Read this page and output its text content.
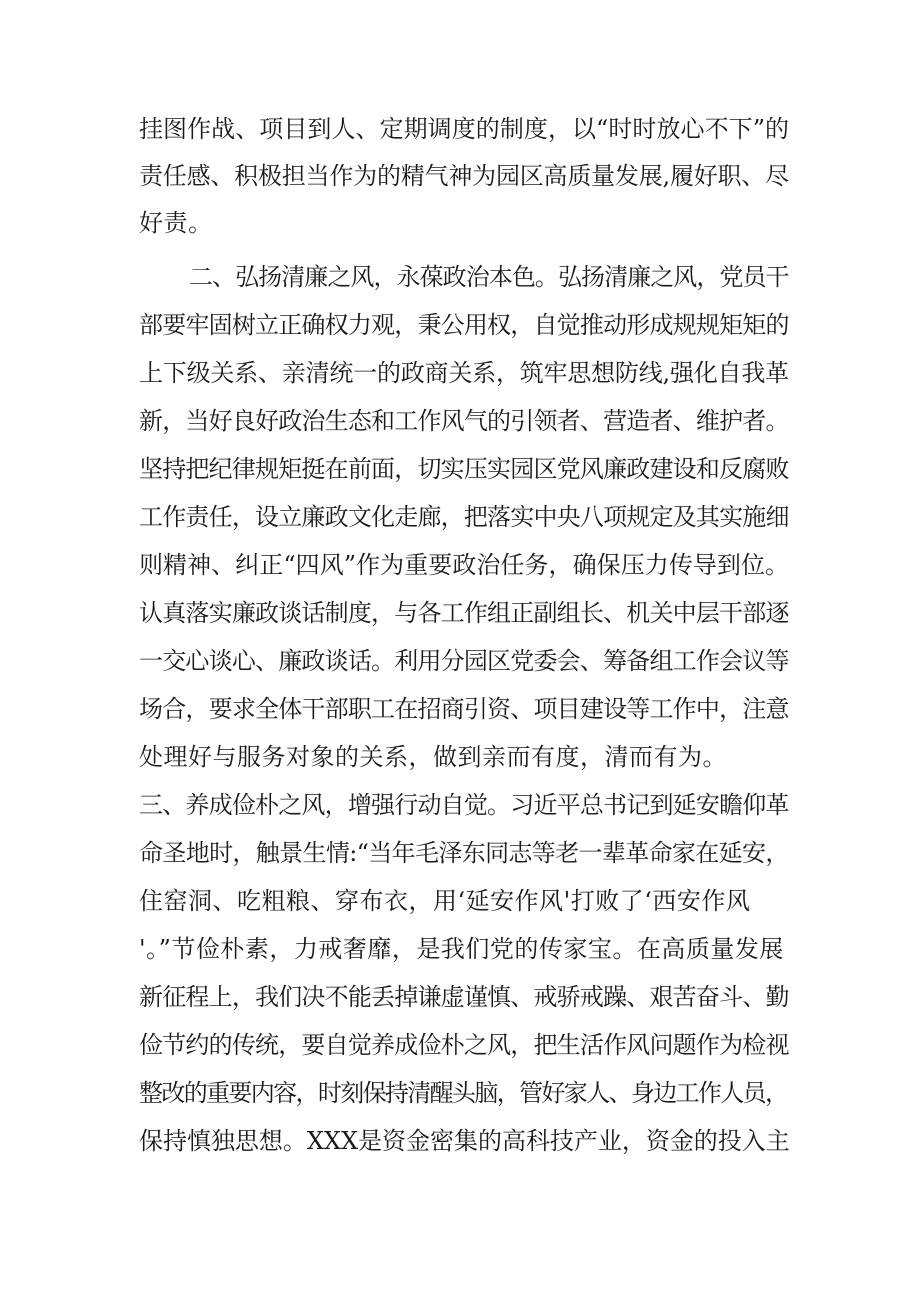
挂图作战、项目到人、定期调度的制度，以“时时放心不下”的
责任感、积极担当作为的精气神为园区高质量发展,履好职、尽
好责。
二、弘扬清廉之风，永葆政治本色。弘扬清廉之风，党员干
部要牢固树立正确权力观，秉公用权，自觉推动形成规规矩矩的
上下级关系、亲清统一的政商关系，筑牢思想防线,强化自我革
新，当好良好政治生态和工作风气的引领者、营造者、维护者。
坚持把纪律规矩挺在前面，切实压实园区党风廉政建设和反腐败
工作责任，设立廉政文化走廊，把落实中央八项规定及其实施细
则精神、纠正“四风”作为重要政治任务，确保压力传导到位。
认真落实廉政谈话制度，与各工作组正副组长、机关中层干部逐
一交心谈心、廉政谈话。利用分园区党委会、筹备组工作会议等
场合，要求全体干部职工在招商引资、项目建设等工作中，注意
处理好与服务对象的关系，做到亲而有度，清而有为。
三、养成俭朴之风，增强行动自觉。习近平总书记到延安瞻仰革
命圣地时，触景生情:“当年毛泽东同志等老一辈革命家在延安，
住窑洞、吃粗粮、穿布衣，用‘延安作风'打败了‘西安作风
'。”节俭朴素，力戒奢靡，是我们党的传家宝。在高质量发展
新征程上，我们决不能丢掉谦虚谨慎、戒骄戒躁、艰苦奋斗、勤
俭节约的传统，要自觉养成俭朴之风，把生活作风问题作为检视
整改的重要内容，时刻保持清醒头脑，管好家人、身边工作人员，
保持慎独思想。XXX是资金密集的高科技产业，资金的投入主
